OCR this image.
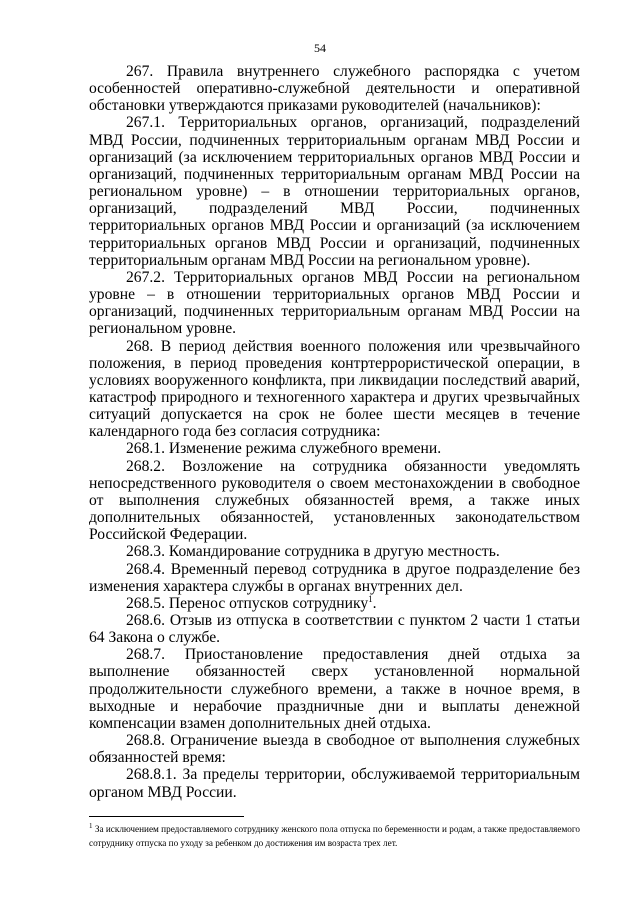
54

267. Правила внутреннего служебного распорядка с учетом особенностей оперативно-служебной деятельности и оперативной обстановки утверждаются приказами руководителей (начальников):

267.1. Территориальных органов, организаций, подразделений МВД России, подчиненных территориальным органам МВД России и организаций (за исключением территориальных органов МВД России и организаций, подчиненных территориальным органам МВД России на региональном уровне) – в отношении территориальных органов, организаций, подразделений МВД России, подчиненных территориальных органов МВД России и организаций (за исключением территориальных органов МВД России и организаций, подчиненных территориальным органам МВД России на региональном уровне).

267.2. Территориальных органов МВД России на региональном уровне – в отношении территориальных органов МВД России и организаций, подчиненных территориальным органам МВД России на региональном уровне.

268. В период действия военного положения или чрезвычайного положения, в период проведения контртеррористической операции, в условиях вооруженного конфликта, при ликвидации последствий аварий, катастроф природного и техногенного характера и других чрезвычайных ситуаций допускается на срок не более шести месяцев в течение календарного года без согласия сотрудника:

268.1. Изменение режима служебного времени.

268.2. Возложение на сотрудника обязанности уведомлять непосредственного руководителя о своем местонахождении в свободное от выполнения служебных обязанностей время, а также иных дополнительных обязанностей, установленных законодательством Российской Федерации.

268.3. Командирование сотрудника в другую местность.

268.4. Временный перевод сотрудника в другое подразделение без изменения характера службы в органах внутренних дел.

268.5. Перенос отпусков сотруднику$^1$.

268.6. Отзыв из отпуска в соответствии с пунктом 2 части 1 статьи 64 Закона о службе.

268.7. Приостановление предоставления дней отдыха за выполнение обязанностей сверх установленной нормальной продолжительности служебного времени, а также в ночное время, в выходные и нерабочие праздничные дни и выплаты денежной компенсации взамен дополнительных дней отдыха.

268.8. Ограничение выезда в свободное от выполнения служебных обязанностей время:

268.8.1. За пределы территории, обслуживаемой территориальным органом МВД России.

$^1$ За исключением предоставляемого сотруднику женского пола отпуска по беременности и родам, а также предоставляемого сотруднику отпуска по уходу за ребенком до достижения им возраста трех лет.
